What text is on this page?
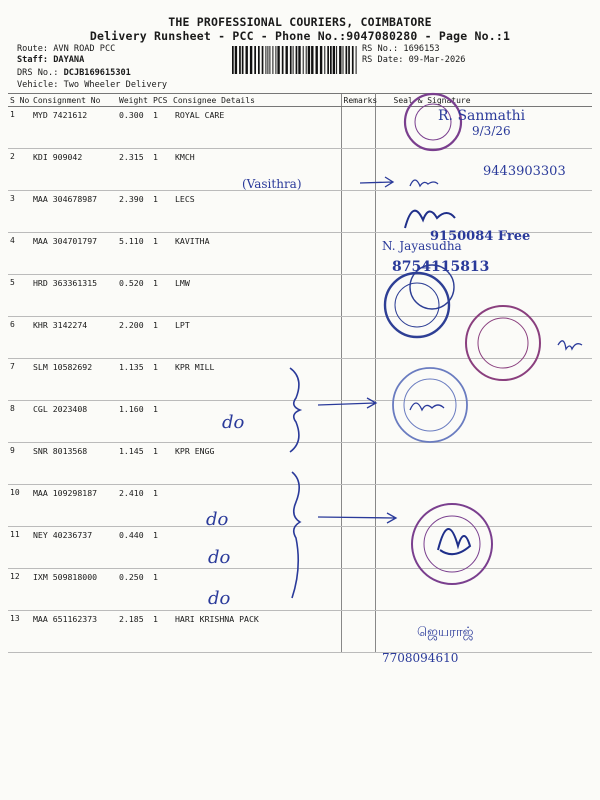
THE PROFESSIONAL COURIERS, COIMBATORE
Delivery Runsheet - PCC - Phone No.:9047080280 - Page No.:1
Route: AVN ROAD PCC
Staff: DAYANA
DRS No.: DCJB169615301
Vehicle: Two Wheeler Delivery
RS No.: 1696153
RS Date: 09-Mar-2026
S No	Consignment No	Weight	PCS	Consignee Details	Remarks	Seal & Signature
1	MYD 7421612	0.300	1	ROYAL CARE		
2	KDI 909042	2.315	1	KMCH		
3	MAA 304678987	2.390	1	LECS		
4	MAA 304701797	5.110	1	KAVITHA		
5	HRD 363361315	0.520	1	LMW		
6	KHR 3142274	2.200	1	LPT		
7	SLM 10582692	1.135	1	KPR MILL		
8	CGL 2023408	1.160	1			
9	SNR 8013568	1.145	1	KPR ENGG		
10	MAA 109298187	2.410	1			
11	NEY 40236737	0.440	1			
12	IXM 509818000	0.250	1			
13	MAA 651162373	2.185	1	HARI KRISHNA PACK		
R. Sanmathi
9/3/26
(Vasithra)
9443903303
9150084 Free
N. Jayasudha
8754115813
do
do
do
do
ஜெயராஜ்
7708094610
